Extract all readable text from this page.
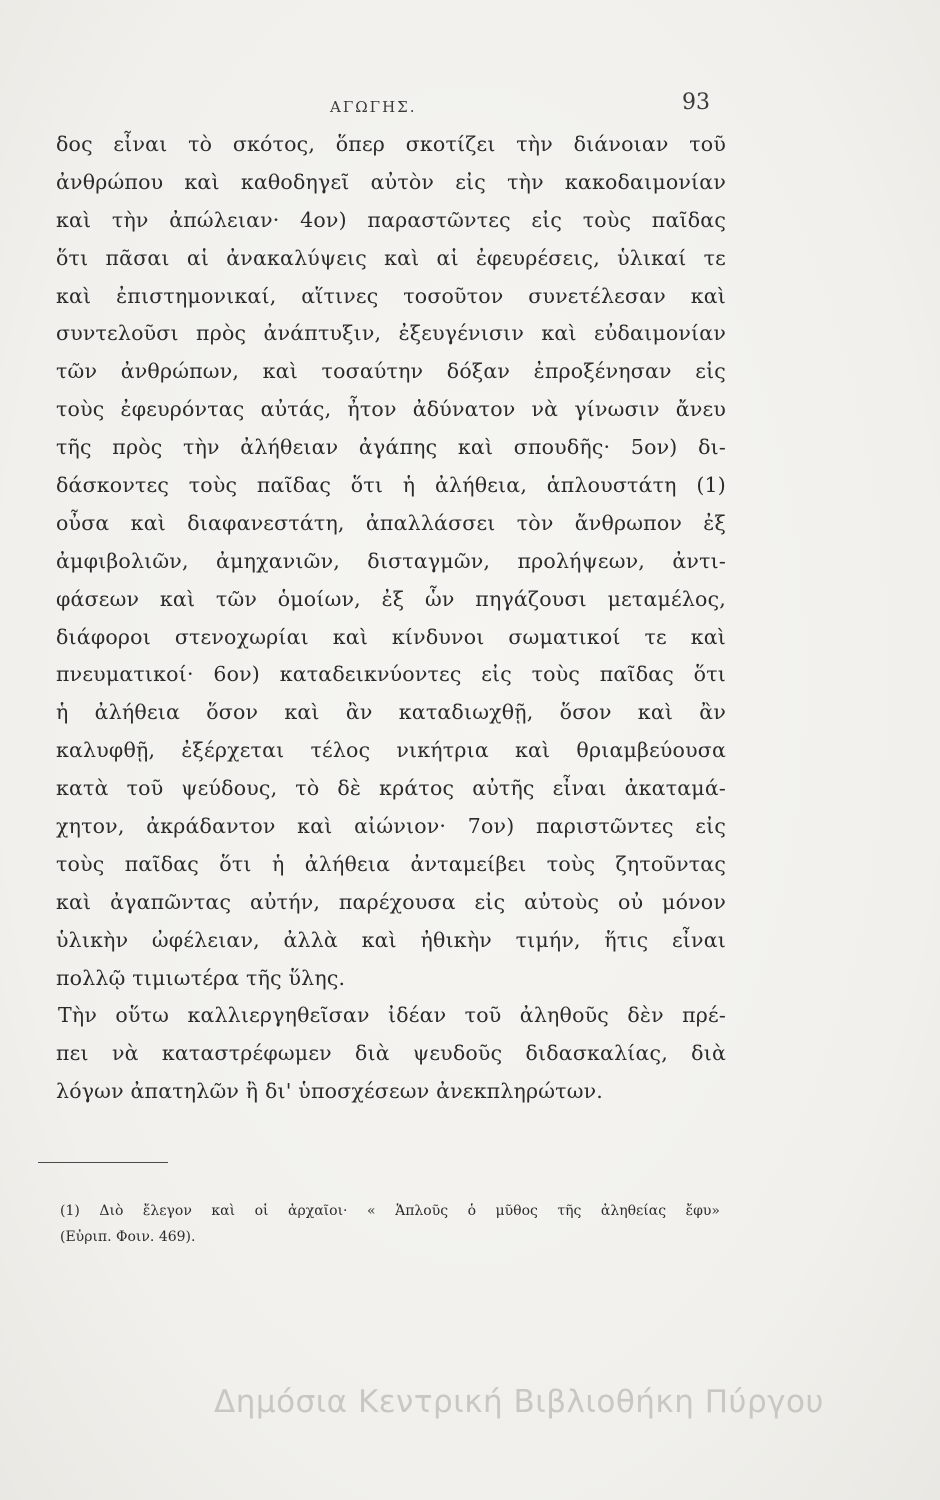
ΑΓΩΓΗΣ.	93
δος εἶναι τὸ σκότος, ὅπερ σκοτίζει τὴν διάνοιαν τοῦ
ἀνθρώπου καὶ καθοδηγεῖ αὐτὸν εἰς τὴν κακοδαιμονίαν
καὶ τὴν ἀπώλειαν· 4ον) παραστῶντες εἰς τοὺς παῖδας
ὅτι πᾶσαι αἱ ἀνακαλύψεις καὶ αἱ ἐφευρέσεις, ὑλικαί τε
καὶ ἐπιστημονικαί, αἵτινες τοσοῦτον συνετέλεσαν καὶ
συντελοῦσι πρὸς ἀνάπτυξιν, ἐξευγένισιν καὶ εὐδαιμονίαν
τῶν ἀνθρώπων, καὶ τοσαύτην δόξαν ἐπροξένησαν εἰς
τοὺς ἐφευρόντας αὐτάς, ἦτον ἀδύνατον νὰ γίνωσιν ἄνευ
τῆς πρὸς τὴν ἀλήθειαν ἀγάπης καὶ σπουδῆς· 5ον) δι-
δάσκοντες τοὺς παῖδας ὅτι ἡ ἀλήθεια, ἁπλουστάτη (1)
οὖσα καὶ διαφανεστάτη, ἀπαλλάσσει τὸν ἄνθρωπον ἐξ
ἀμφιβολιῶν, ἀμηχανιῶν, δισταγμῶν, προλήψεων, ἀντι-
φάσεων καὶ τῶν ὁμοίων, ἐξ ὧν πηγάζουσι μεταμέλος,
διάφοροι στενοχωρίαι καὶ κίνδυνοι σωματικοί τε καὶ
πνευματικοί· 6ον) καταδεικνύοντες εἰς τοὺς παῖδας ὅτι
ἡ ἀλήθεια ὅσον καὶ ἂν καταδιωχθῇ, ὅσον καὶ ἂν
καλυφθῇ, ἐξέρχεται τέλος νικήτρια καὶ θριαμβεύουσα
κατὰ τοῦ ψεύδους, τὸ δὲ κράτος αὐτῆς εἶναι ἀκαταμά-
χητον, ἀκράδαντον καὶ αἰώνιον· 7ον) παριστῶντες εἰς
τοὺς παῖδας ὅτι ἡ ἀλήθεια ἀνταμείβει τοὺς ζητοῦντας
καὶ ἀγαπῶντας αὐτήν, παρέχουσα εἰς αὐτοὺς οὐ μόνον
ὑλικὴν ὠφέλειαν, ἀλλὰ καὶ ἠθικὴν τιμήν, ἥτις εἶναι
πολλῷ τιμιωτέρα τῆς ὕλης.
Τὴν οὕτω καλλιεργηθεῖσαν ἰδέαν τοῦ ἀληθοῦς δὲν πρέ-
πει νὰ καταστρέφωμεν διὰ ψευδοῦς διδασκαλίας, διὰ
λόγων ἀπατηλῶν ἢ δι' ὑποσχέσεων ἀνεκπληρώτων.
(1) Διὸ ἔλεγον καὶ οἱ ἀρχαῖοι· « Ἁπλοῦς ὁ μῦθος τῆς ἀληθείας ἔφυ»
(Εὐριπ. Φοιν. 469).
Δημόσια Κεντρική Βιβλιοθήκη Πύργου
